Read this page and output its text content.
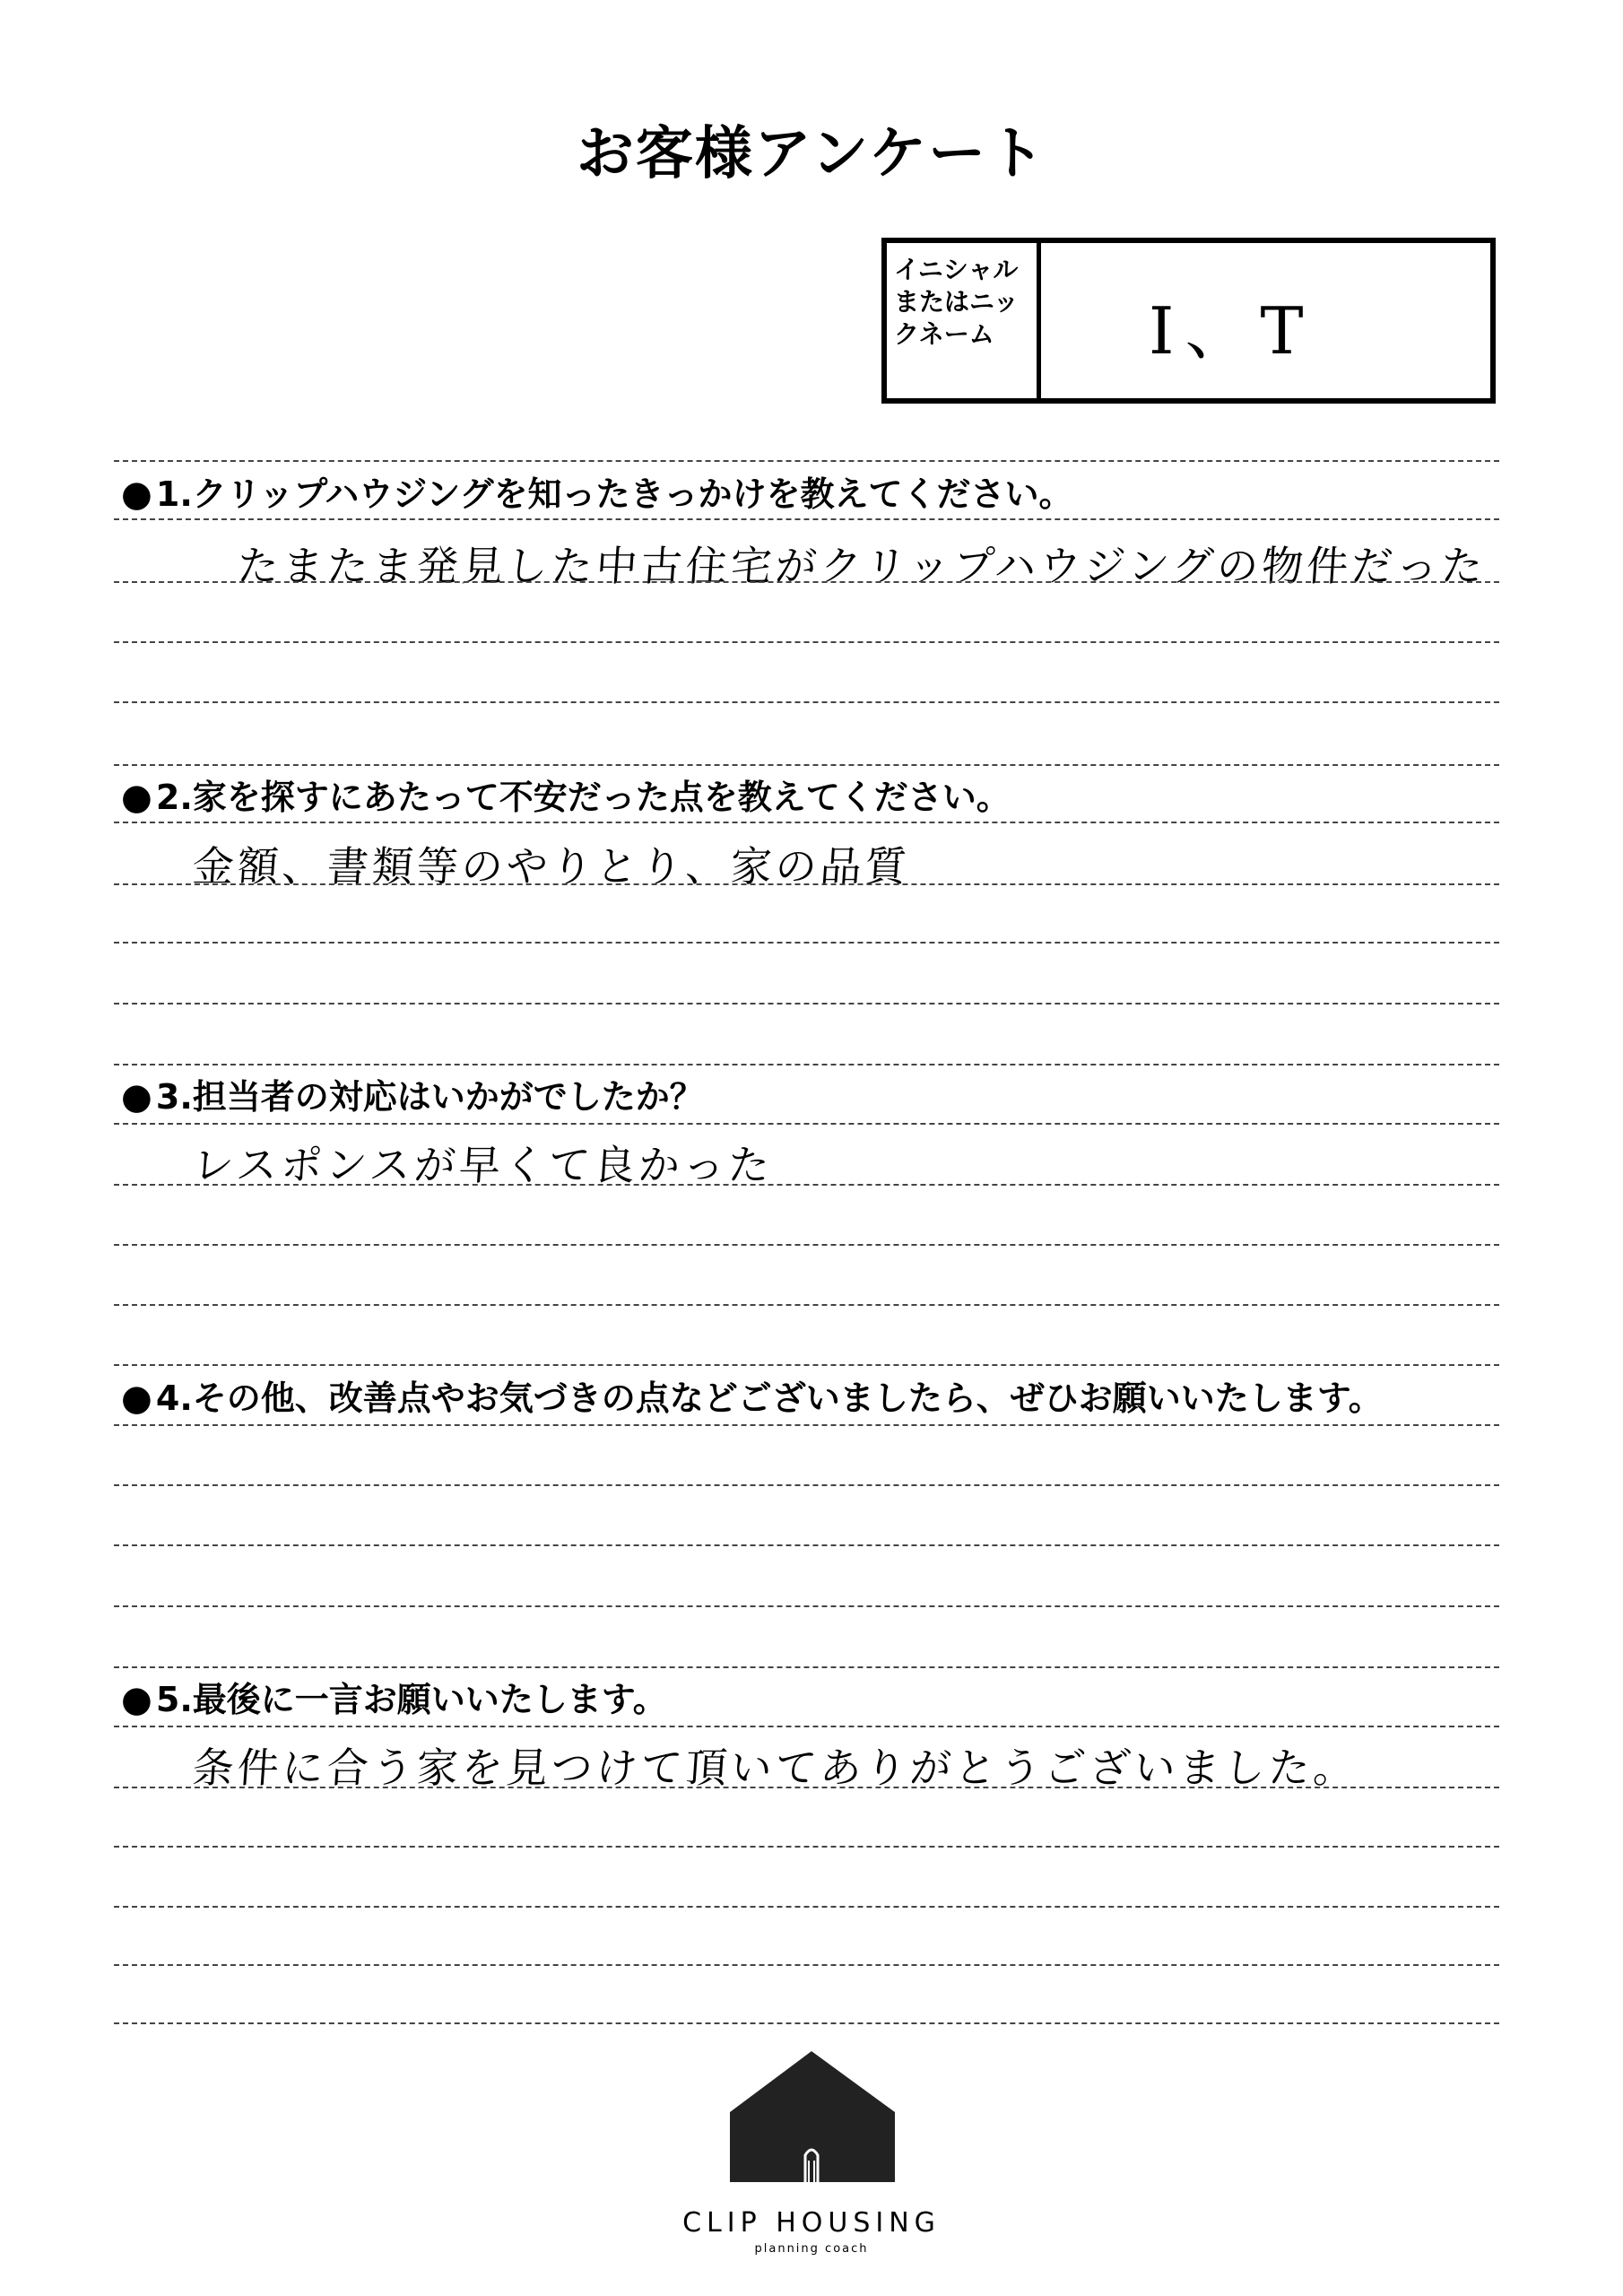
お客様アンケート
イニシャルまたはニックネーム	I、T
● 1.クリップハウジングを知ったきっかけを教えてください。
たまたま発見した中古住宅がクリップハウジングの物件だった
● 2.家を探すにあたって不安だった点を教えてください。
金額、書類等のやりとり、家の品質
● 3.担当者の対応はいかがでしたか？
レスポンスが早くて良かった
● 4.その他、改善点やお気づきの点などございましたら、ぜひお願いいたします。
● 5.最後に一言お願いいたします。
条件に合う家を見つけて頂いてありがとうございました。
CLIP HOUSING
planning coach
